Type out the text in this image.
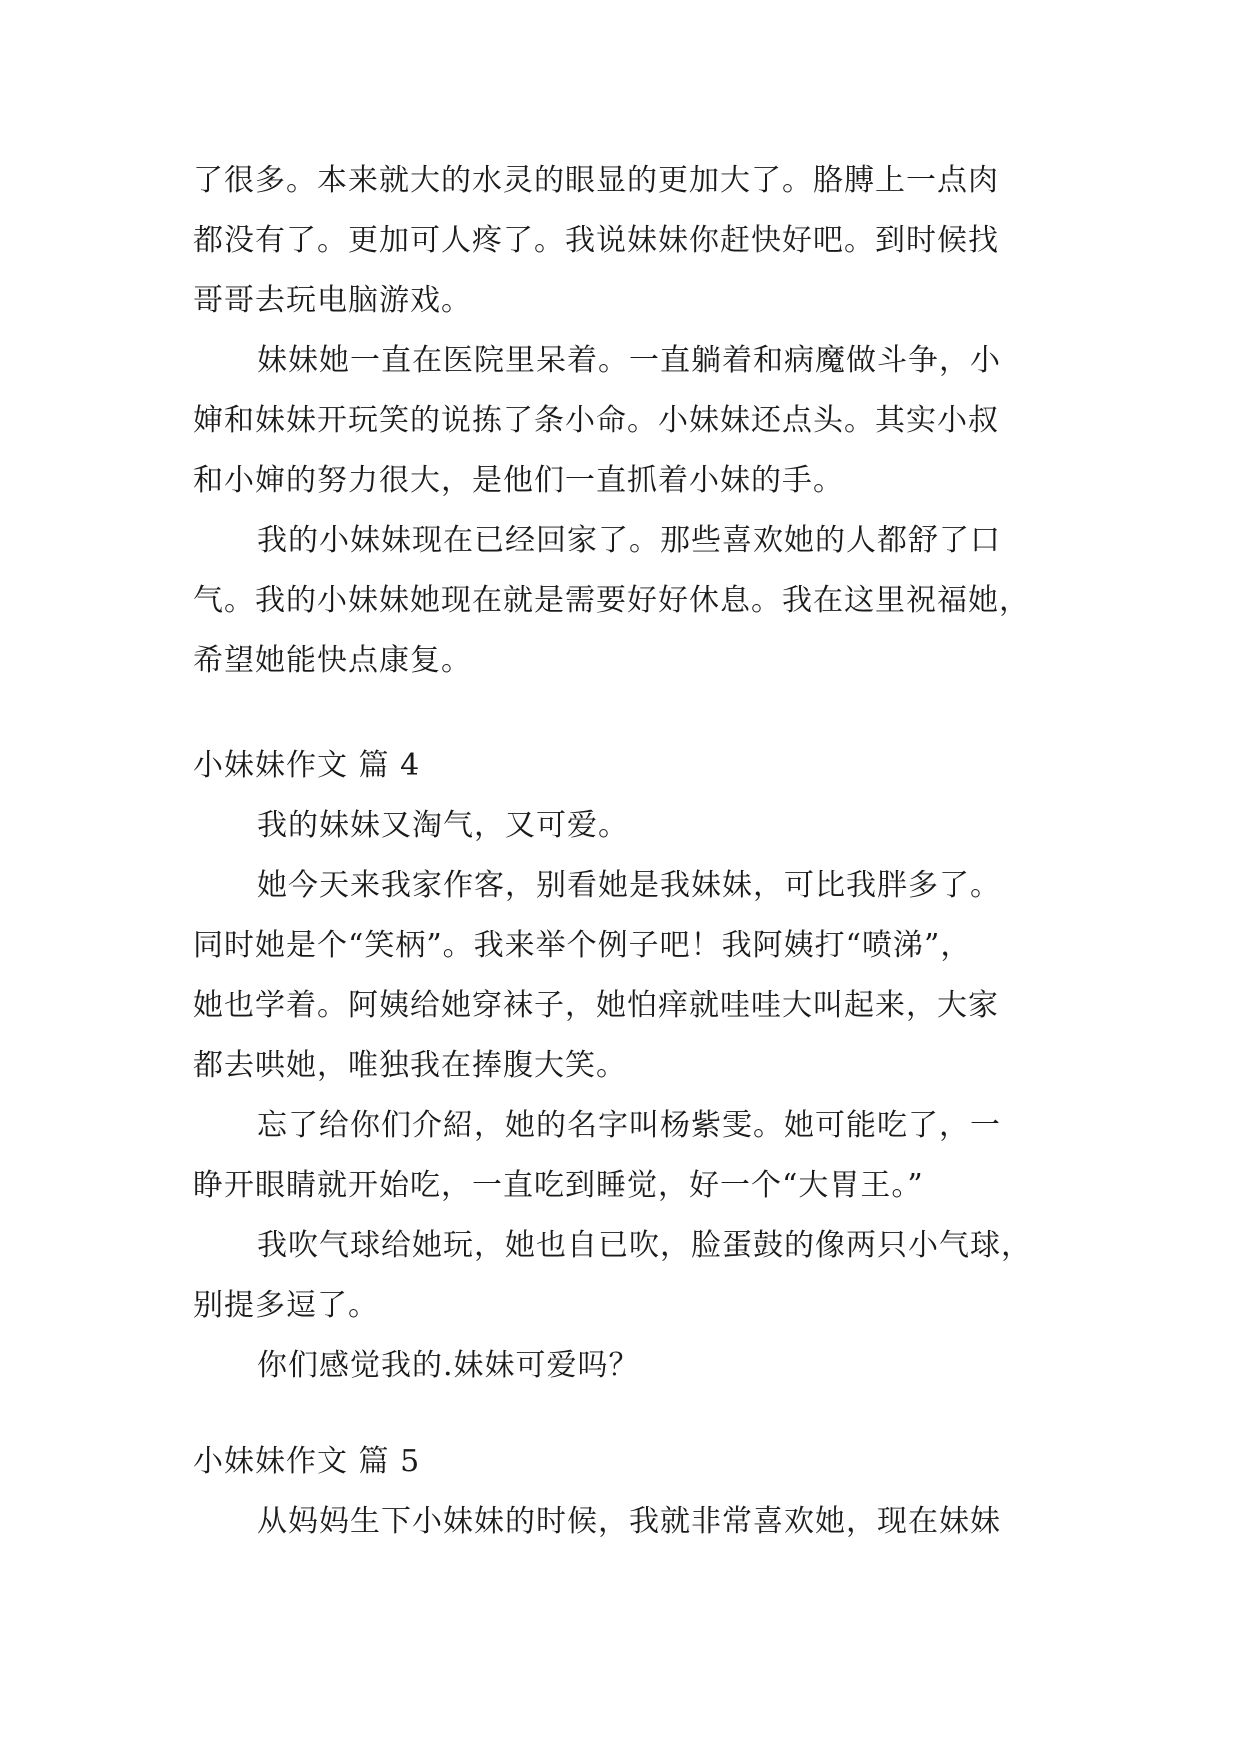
了很多。本来就大的水灵的眼显的更加大了。胳膊上一点肉
都没有了。更加可人疼了。我说妹妹你赶快好吧。到时候找
哥哥去玩电脑游戏。
妹妹她一直在医院里呆着。一直躺着和病魔做斗争，小
婶和妹妹开玩笑的说拣了条小命。小妹妹还点头。其实小叔
和小婶的努力很大，是他们一直抓着小妹的手。
我的小妹妹现在已经回家了。那些喜欢她的人都舒了口
气。我的小妹妹她现在就是需要好好休息。我在这里祝福她，
希望她能快点康复。
小妹妹作文 篇 4
我的妹妹又淘气，又可爱。
她今天来我家作客，别看她是我妹妹，可比我胖多了。
同时她是个“笑柄”。我来举个例子吧！我阿姨打“喷涕”，
她也学着。阿姨给她穿袜子，她怕痒就哇哇大叫起来，大家
都去哄她，唯独我在捧腹大笑。
忘了给你们介紹，她的名字叫杨紫雯。她可能吃了，一
睁开眼睛就开始吃，一直吃到睡觉，好一个“大胃王。”
我吹气球给她玩，她也自已吹，脸蛋鼓的像两只小气球，
别提多逗了。
你们感觉我的.妹妹可爱吗？
小妹妹作文 篇 5
从妈妈生下小妹妹的时候，我就非常喜欢她，现在妹妹
